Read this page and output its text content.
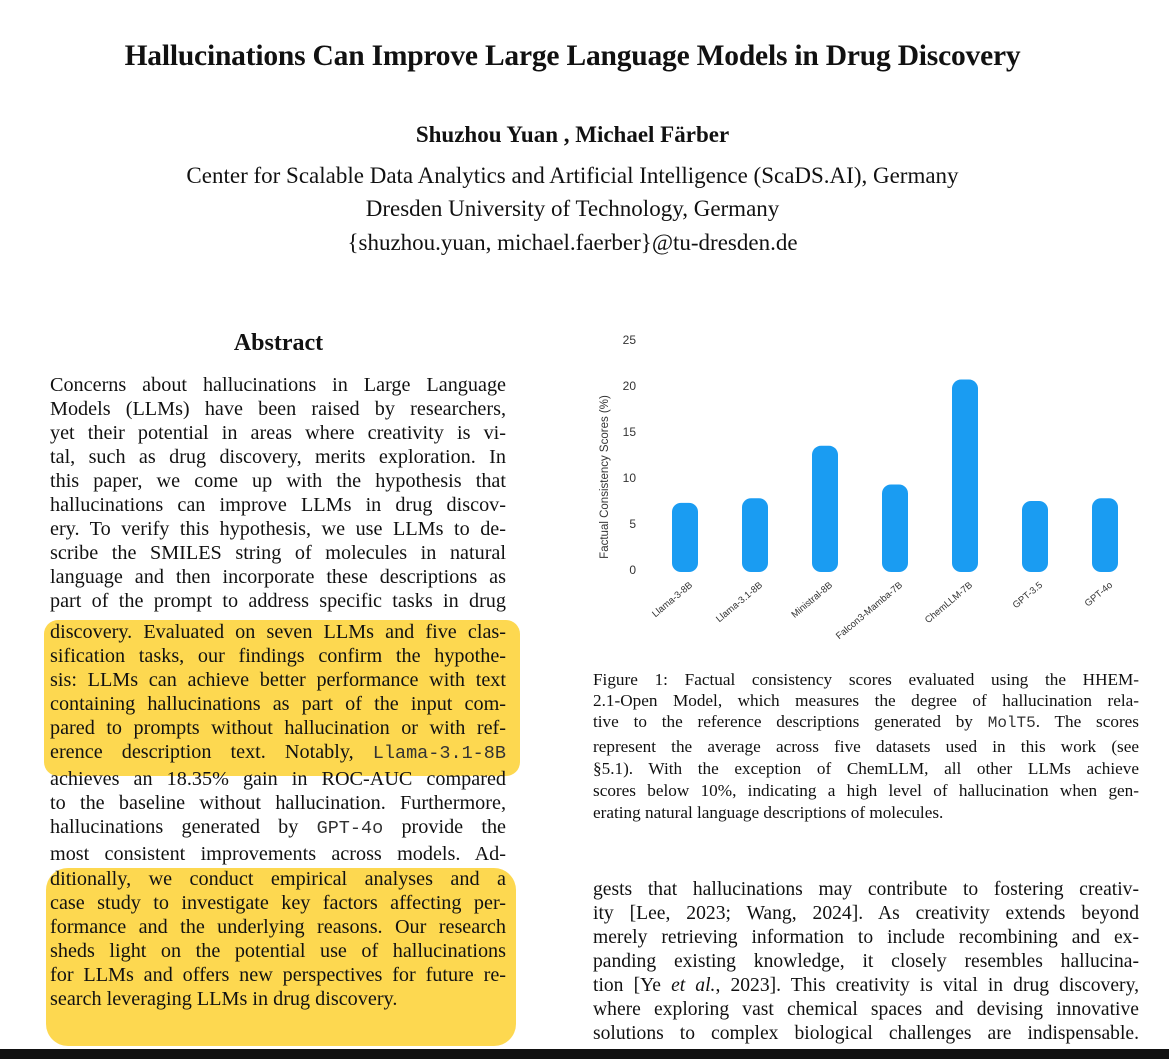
Hallucinations Can Improve Large Language Models in Drug Discovery
Shuzhou Yuan , Michael Färber
Center for Scalable Data Analytics and Artificial Intelligence (ScaDS.AI), Germany
Dresden University of Technology, Germany
{shuzhou.yuan, michael.faerber}@tu-dresden.de
Abstract
Concerns about hallucinations in Large Language
Models (LLMs) have been raised by researchers,
yet their potential in areas where creativity is vi-
tal, such as drug discovery, merits exploration. In
this paper, we come up with the hypothesis that
hallucinations can improve LLMs in drug discov-
ery. To verify this hypothesis, we use LLMs to de-
scribe the SMILES string of molecules in natural
language and then incorporate these descriptions as
part of the prompt to address specific tasks in drug
discovery. Evaluated on seven LLMs and five clas-
sification tasks, our findings confirm the hypothe-
sis: LLMs can achieve better performance with text
containing hallucinations as part of the input com-
pared to prompts without hallucination or with ref-
erence description text. Notably, Llama-3.1-8B
achieves an 18.35% gain in ROC-AUC compared
to the baseline without hallucination. Furthermore,
hallucinations generated by GPT-4o provide the
most consistent improvements across models. Ad-
ditionally, we conduct empirical analyses and a
case study to investigate key factors affecting per-
formance and the underlying reasons. Our research
sheds light on the potential use of hallucinations
for LLMs and offers new perspectives for future re-
search leveraging LLMs in drug discovery.
Factual Consistency Scores (%)
0
5
10
15
20
25
Llama-3-8B Llama-3.1-8B	Ministral-8B Falcon3-Mamba-7B ChemLLM-7B	GPT-3.5	GPT-4o
Figure 1: Factual consistency scores evaluated using the HHEM-
2.1-Open Model, which measures the degree of hallucination rela-
tive to the reference descriptions generated by MolT5. The scores
represent the average across five datasets used in this work (see
§5.1). With the exception of ChemLLM, all other LLMs achieve
scores below 10%, indicating a high level of hallucination when gen-
erating natural language descriptions of molecules.
gests that hallucinations may contribute to fostering creativ-
ity [Lee, 2023; Wang, 2024]. As creativity extends beyond
merely retrieving information to include recombining and ex-
panding existing knowledge, it closely resembles hallucina-
tion [Ye et al., 2023]. This creativity is vital in drug discovery,
where exploring vast chemical spaces and devising innovative
solutions to complex biological challenges are indispensable.
